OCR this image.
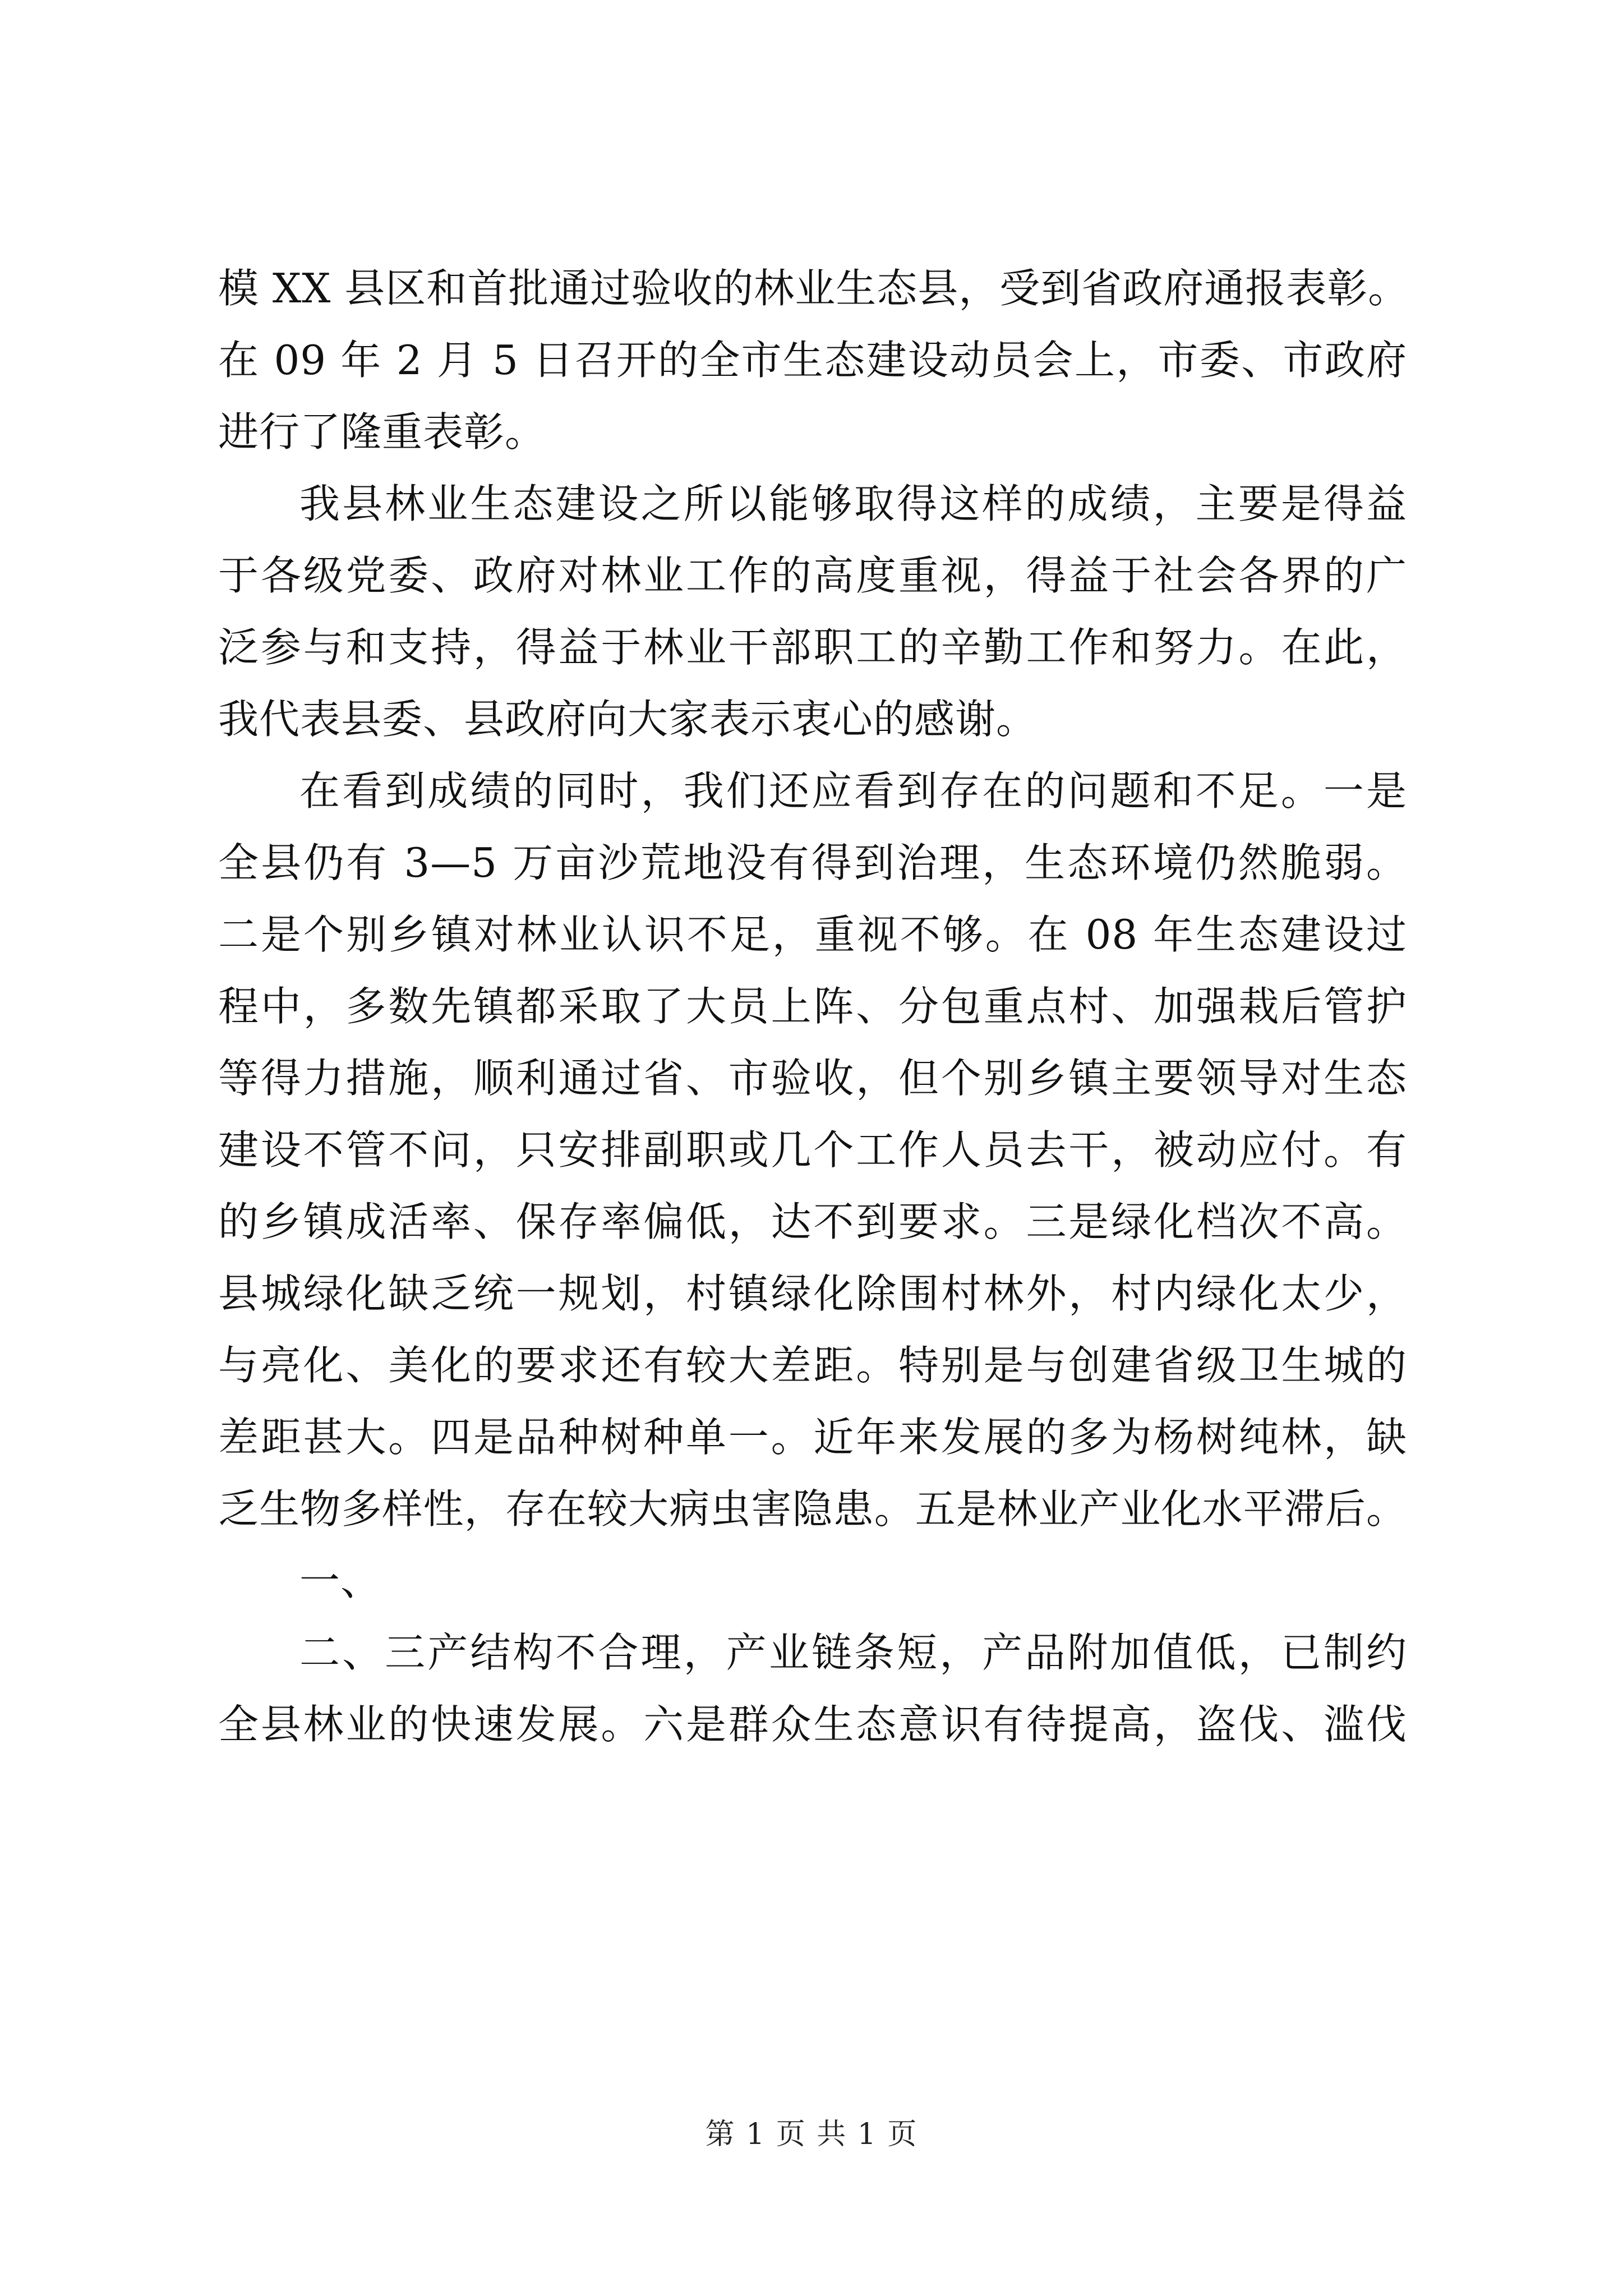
模 XX 县区和首批通过验收的林业生态县，受到省政府通报表彰。
在 09 年 2 月 5 日召开的全市生态建设动员会上，市委、市政府
进行了隆重表彰。
我县林业生态建设之所以能够取得这样的成绩，主要是得益
于各级党委、政府对林业工作的高度重视，得益于社会各界的广
泛参与和支持，得益于林业干部职工的辛勤工作和努力。在此，
我代表县委、县政府向大家表示衷心的感谢。
在看到成绩的同时，我们还应看到存在的问题和不足。一是
全县仍有 3—5 万亩沙荒地没有得到治理，生态环境仍然脆弱。
二是个别乡镇对林业认识不足，重视不够。在 08 年生态建设过
程中，多数先镇都采取了大员上阵、分包重点村、加强栽后管护
等得力措施，顺利通过省、市验收，但个别乡镇主要领导对生态
建设不管不问，只安排副职或几个工作人员去干，被动应付。有
的乡镇成活率、保存率偏低，达不到要求。三是绿化档次不高。
县城绿化缺乏统一规划，村镇绿化除围村林外，村内绿化太少，
与亮化、美化的要求还有较大差距。特别是与创建省级卫生城的
差距甚大。四是品种树种单一。近年来发展的多为杨树纯林，缺
乏生物多样性，存在较大病虫害隐患。五是林业产业化水平滞后。
一、
二、三产结构不合理，产业链条短，产品附加值低，已制约
全县林业的快速发展。六是群众生态意识有待提高，盗伐、滥伐
第 1 页 共 1 页
